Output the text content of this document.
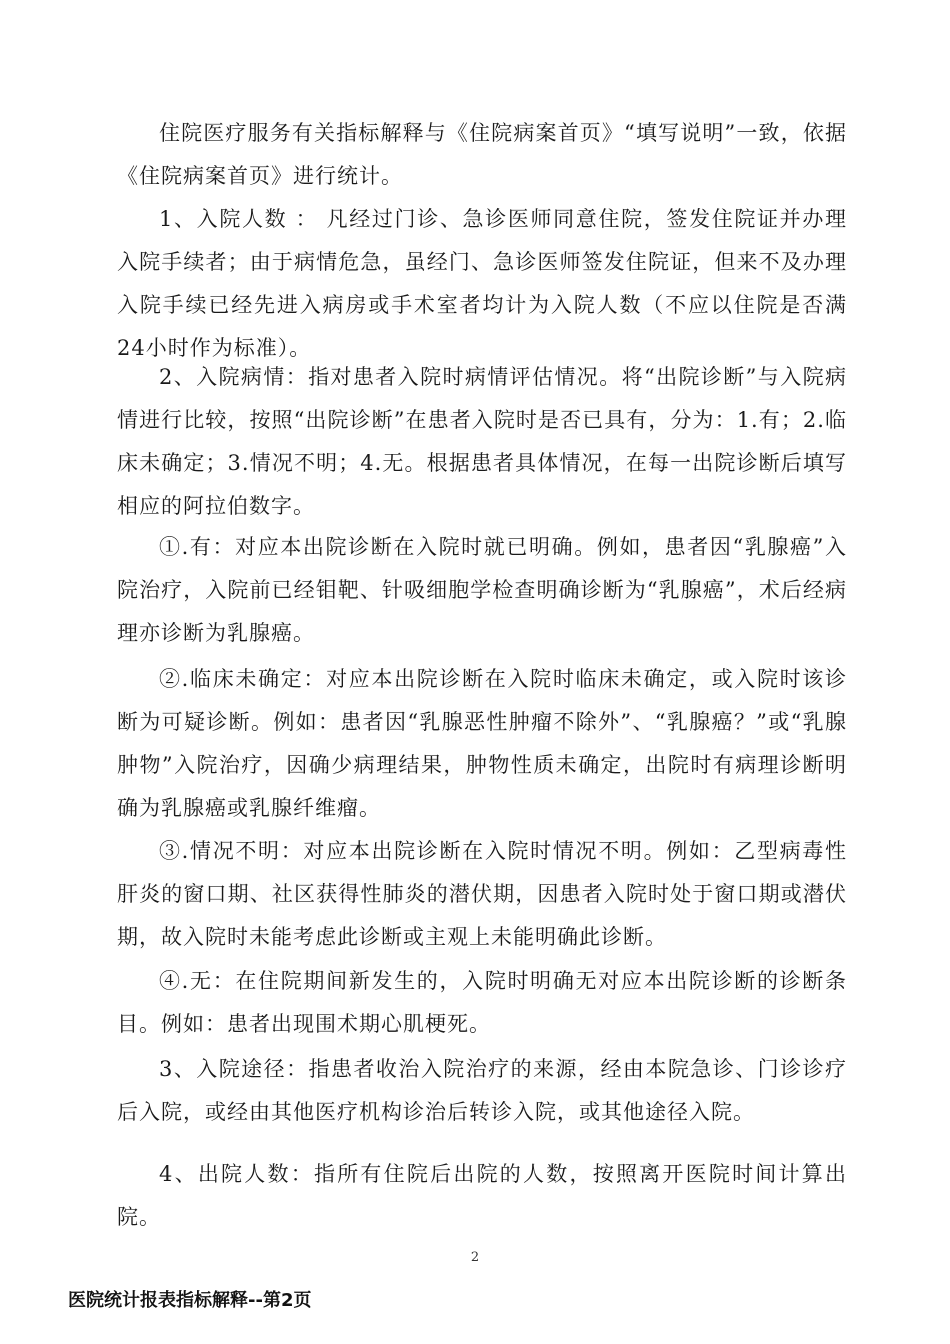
住院医疗服务有关指标解释与《住院病案首页》“填写说明”一致，依据《住院病案首页》进行统计。

1、入院人数 ： 凡经过门诊、急诊医师同意住院，签发住院证并办理入院手续者；由于病情危急，虽经门、急诊医师签发住院证，但来不及办理入院手续已经先进入病房或手术室者均计为入院人数（不应以住院是否满24小时作为标准）。

2、入院病情：指对患者入院时病情评估情况。将“出院诊断”与入院病情进行比较，按照“出院诊断”在患者入院时是否已具有，分为：1.有；2.临床未确定；3.情况不明；4.无。根据患者具体情况，在每一出院诊断后填写相应的阿拉伯数字。

①.有：对应本出院诊断在入院时就已明确。例如，患者因“乳腺癌”入院治疗，入院前已经钼靶、针吸细胞学检查明确诊断为“乳腺癌”，术后经病理亦诊断为乳腺癌。

②.临床未确定：对应本出院诊断在入院时临床未确定，或入院时该诊断为可疑诊断。例如：患者因“乳腺恶性肿瘤不除外”、“乳腺癌？”或“乳腺肿物”入院治疗，因确少病理结果，肿物性质未确定，出院时有病理诊断明确为乳腺癌或乳腺纤维瘤。

③.情况不明：对应本出院诊断在入院时情况不明。例如：乙型病毒性肝炎的窗口期、社区获得性肺炎的潜伏期，因患者入院时处于窗口期或潜伏期，故入院时未能考虑此诊断或主观上未能明确此诊断。

④.无：在住院期间新发生的，入院时明确无对应本出院诊断的诊断条目。例如：患者出现围术期心肌梗死。

3、入院途径：指患者收治入院治疗的来源，经由本院急诊、门诊诊疗后入院，或经由其他医疗机构诊治后转诊入院，或其他途径入院。

4、出院人数：指所有住院后出院的人数，按照离开医院时间计算出院。

2
医院统计报表指标解释--第2页
